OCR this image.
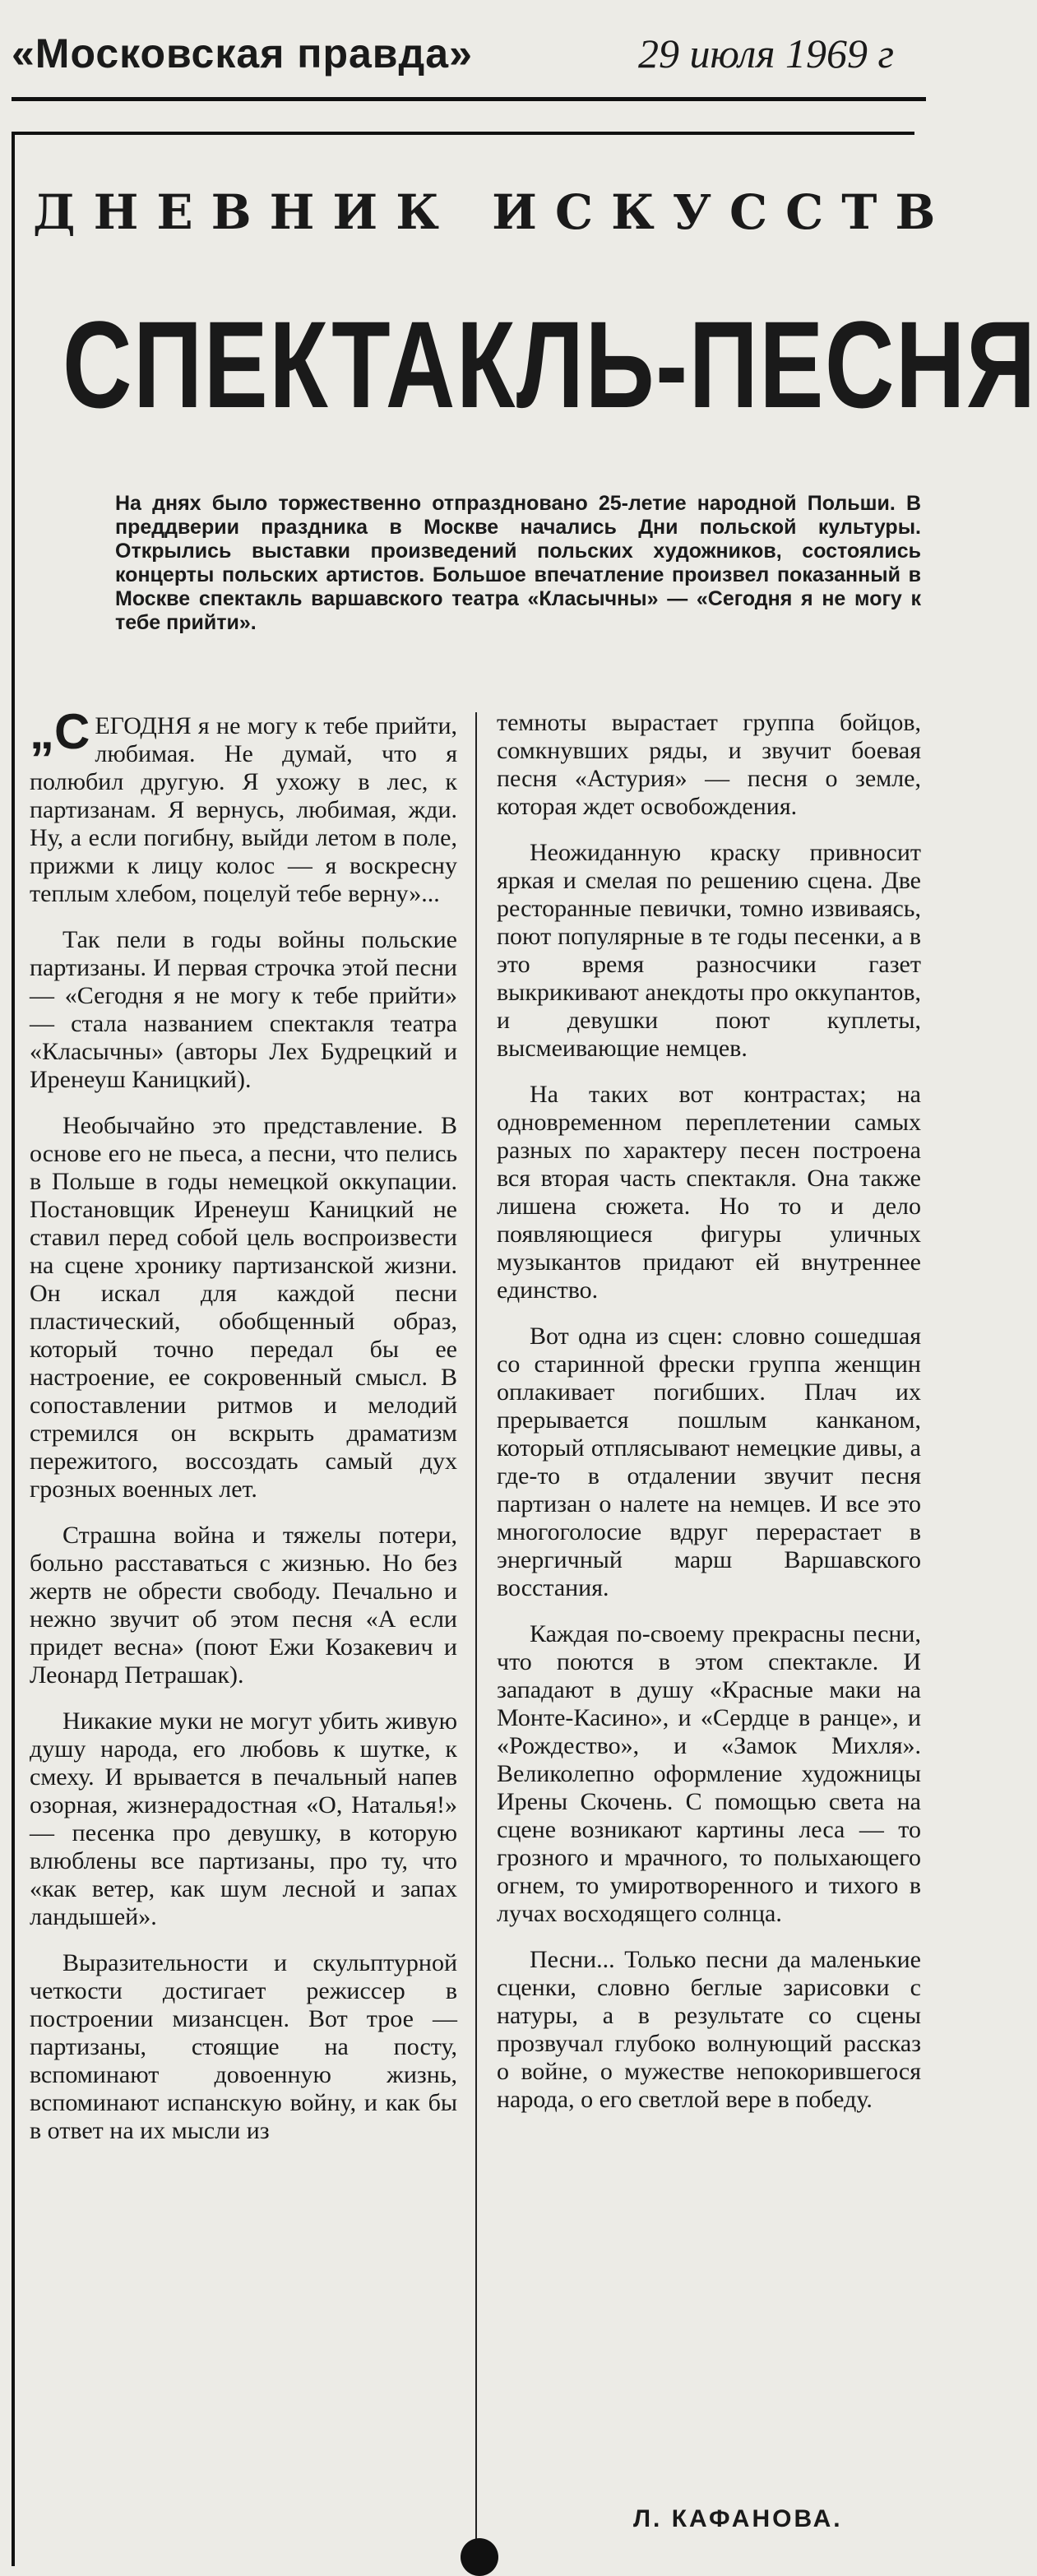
«Московская правда»	29 июля 1969 г
ДНЕВНИК ИСКУССТВ
СПЕКТАКЛЬ-ПЕСНЯ

На днях было торжественно отпраздновано 25-летие народной Польши. В преддверии праздника в Москве начались Дни польской культуры. Открылись выставки произведений польских художников, состоялись концерты польских артистов. Большое впечатление произвел показанный в Москве спектакль варшавского театра «Класычны» — «Сегодня я не могу к тебе прийти».

„СЕГОДНЯ я не могу к тебе прийти, любимая. Не думай, что я полюбил другую. Я ухожу в лес, к партизанам. Я вернусь, любимая, жди. Ну, а если погибну, выйди летом в поле, прижми к лицу колос — я воскресну теплым хлебом, поцелуй тебе верну»...

Так пели в годы войны польские партизаны. И первая строчка этой песни — «Сегодня я не могу к тебе прийти» — стала названием спектакля театра «Класычны» (авторы Лех Будрецкий и Иренеуш Каницкий).

Необычайно это представление. В основе его не пьеса, а песни, что пелись в Польше в годы немецкой оккупации. Постановщик Иренеуш Каницкий не ставил перед собой цель воспроизвести на сцене хронику партизанской жизни. Он искал для каждой песни пластический, обобщенный образ, который точно передал бы ее настроение, ее сокровенный смысл. В сопоставлении ритмов и мелодий стремился он вскрыть драматизм пережитого, воссоздать самый дух грозных военных лет.

Страшна война и тяжелы потери, больно расставаться с жизнью. Но без жертв не обрести свободу. Печально и нежно звучит об этом песня «А если придет весна» (поют Ежи Козакевич и Леонард Петрашак).

Никакие муки не могут убить живую душу народа, его любовь к шутке, к смеху. И врывается в печальный напев озорная, жизнерадостная «О, Наталья!» — песенка про девушку, в которую влюблены все партизаны, про ту, что «как ветер, как шум лесной и запах ландышей».

Выразительности и скульптурной четкости достигает режиссер в построении мизансцен. Вот трое — партизаны, стоящие на посту, вспоминают довоенную жизнь, вспоминают испанскую войну, и как бы в ответ на их мысли из

темноты вырастает группа бойцов, сомкнувших ряды, и звучит боевая песня «Астурия» — песня о земле, которая ждет освобождения.

Неожиданную краску привносит яркая и смелая по решению сцена. Две ресторанные певички, томно извиваясь, поют популярные в те годы песенки, а в это время разносчики газет выкрикивают анекдоты про оккупантов, и девушки поют куплеты, высмеивающие немцев.

На таких вот контрастах; на одновременном переплетении самых разных по характеру песен построена вся вторая часть спектакля. Она также лишена сюжета. Но то и дело появляющиеся фигуры уличных музыкантов придают ей внутреннее единство.

Вот одна из сцен: словно сошедшая со старинной фрески группа женщин оплакивает погибших. Плач их прерывается пошлым канканом, который отплясывают немецкие дивы, а где-то в отдалении звучит песня партизан о налете на немцев. И все это многоголосие вдруг перерастает в энергичный марш Варшавского восстания.

Каждая по-своему прекрасны песни, что поются в этом спектакле. И западают в душу «Красные маки на Монте-Касино», и «Сердце в ранце», и «Рождество», и «Замок Михля». Великолепно оформление художницы Ирены Скочень. С помощью света на сцене возникают картины леса — то грозного и мрачного, то полыхающего огнем, то умиротворенного и тихого в лучах восходящего солнца.

Песни... Только песни да маленькие сценки, словно беглые зарисовки с натуры, а в результате со сцены прозвучал глубоко волнующий рассказ о войне, о мужестве непокорившегося народа, о его светлой вере в победу.

Л. КАФАНОВА.
